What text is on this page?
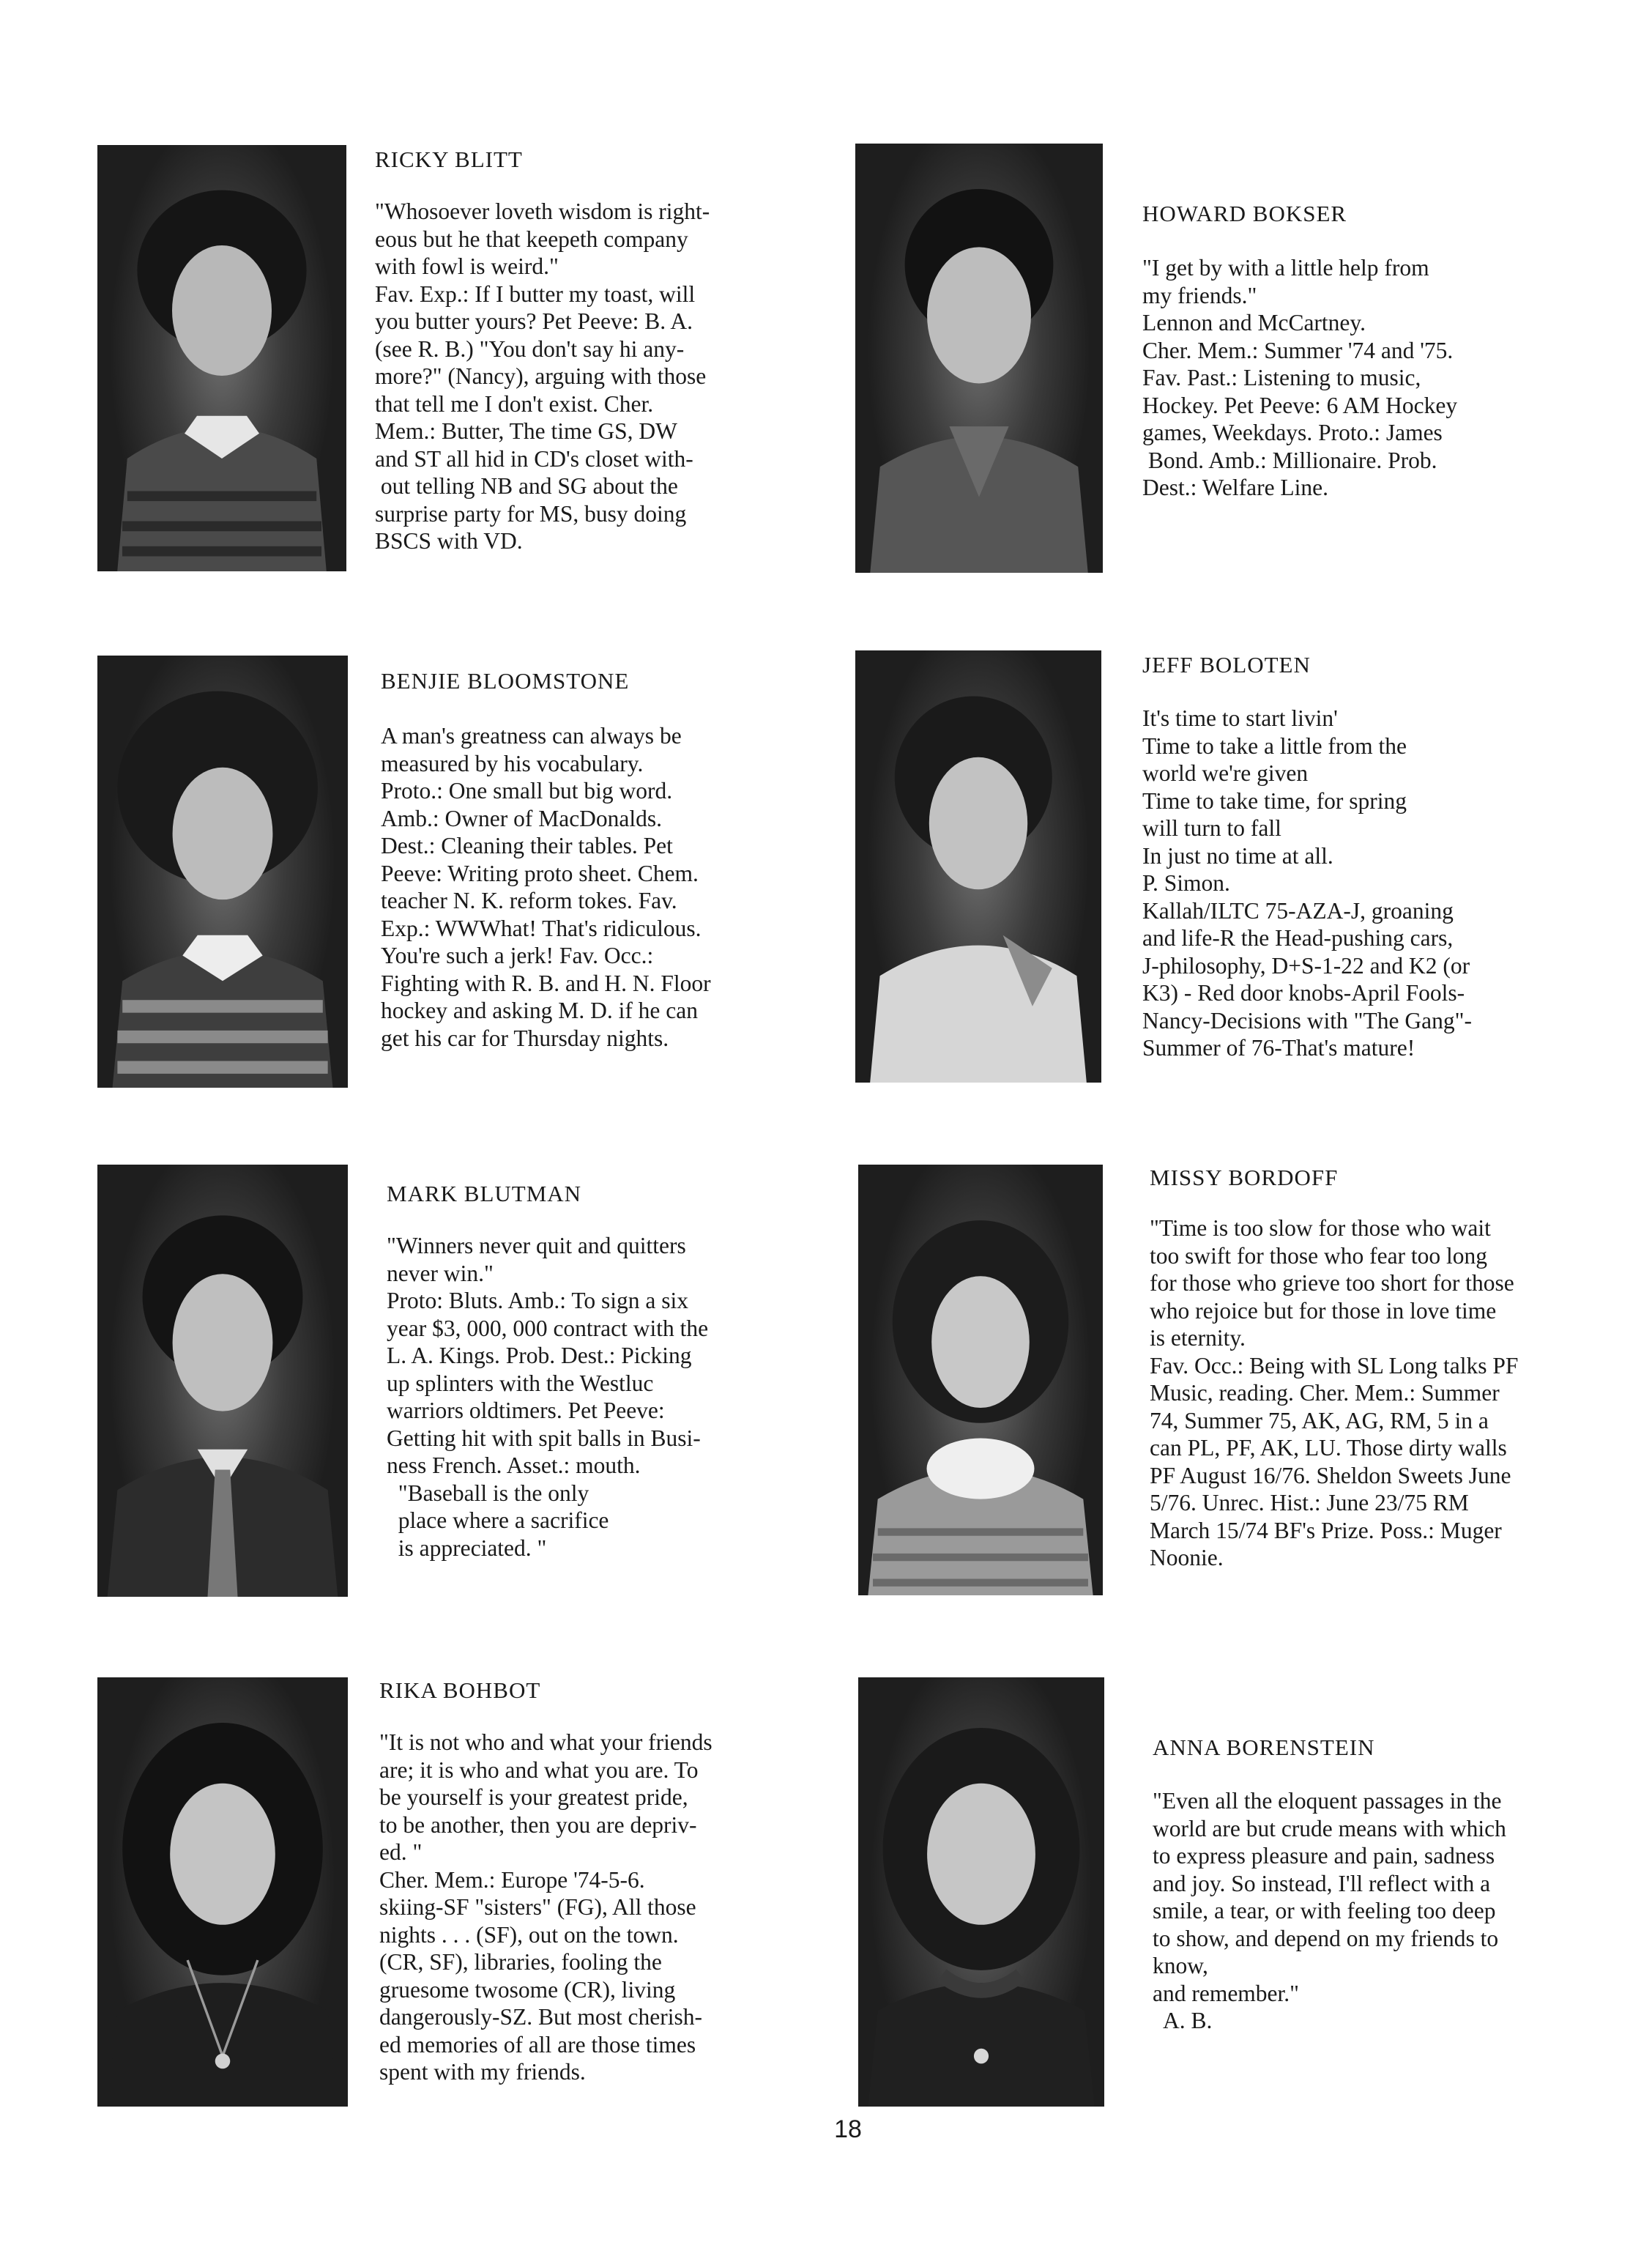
RICKY BLITT

"Whosoever loveth wisdom is right-

eous but he that keepeth company

with fowl is weird."

Fav. Exp.: If I butter my toast, will

you butter yours? Pet Peeve: B. A.

(see R. B.) "You don't say hi any-

more?" (Nancy), arguing with those

that tell me I don't exist. Cher.

Mem.: Butter, The time GS, DW

and ST all hid in CD's closet with-

out telling NB and SG about the

surprise party for MS, busy doing

BSCS with VD.

HOWARD BOKSER

"I get by with a little help from

my friends."

Lennon and McCartney.

Cher. Mem.: Summer '74 and '75.

Fav. Past.: Listening to music,

Hockey. Pet Peeve: 6 AM Hockey

games, Weekdays. Proto.: James

Bond. Amb.: Millionaire. Prob.

Dest.: Welfare Line.

BENJIE BLOOMSTONE

A man's greatness can always be

measured by his vocabulary.

Proto.: One small but big word.

Amb.: Owner of MacDonalds.

Dest.: Cleaning their tables. Pet

Peeve: Writing proto sheet. Chem.

teacher N. K. reform tokes. Fav.

Exp.: WWWhat! That's ridiculous.

You're such a jerk! Fav. Occ.:

Fighting with R. B. and H. N. Floor

hockey and asking M. D. if he can

get his car for Thursday nights.

JEFF BOLOTEN

It's time to start livin'

Time to take a little from the

world we're given

Time to take time, for spring

will turn to fall

In just no time at all.

P. Simon.

Kallah/ILTC 75-AZA-J, groaning

and life-R the Head-pushing cars,

J-philosophy, D+S-1-22 and K2 (or

K3) - Red door knobs-April Fools-

Nancy-Decisions with "The Gang"-

Summer of 76-That's mature!

MARK BLUTMAN

"Winners never quit and quitters

never win."

Proto: Bluts. Amb.: To sign a six

year $3, 000, 000 contract with the

L. A. Kings. Prob. Dest.: Picking

up splinters with the Westluc

warriors oldtimers. Pet Peeve:

Getting hit with spit balls in Busi-

ness French. Asset.: mouth.

"Baseball is the only

place where a sacrifice

is appreciated. "

MISSY BORDOFF

"Time is too slow for those who wait

too swift for those who fear too long

for those who grieve too short for those

who rejoice but for those in love time

is eternity.

Fav. Occ.: Being with SL Long talks PF

Music, reading. Cher. Mem.: Summer

74, Summer 75, AK, AG, RM, 5 in a

can PL, PF, AK, LU. Those dirty walls

PF August 16/76. Sheldon Sweets June

5/76. Unrec. Hist.: June 23/75 RM

March 15/74 BF's Prize. Poss.: Muger

Noonie.

RIKA BOHBOT

"It is not who and what your friends

are; it is who and what you are. To

be yourself is your greatest pride,

to be another, then you are depriv-

ed. "

Cher. Mem.: Europe '74-5-6.

skiing-SF "sisters" (FG), All those

nights . . . (SF), out on the town.

(CR, SF), libraries, fooling the

gruesome twosome (CR), living

dangerously-SZ. But most cherish-

ed memories of all are those times

spent with my friends.

ANNA BORENSTEIN

"Even all the eloquent passages in the

world are but crude means with which

to express pleasure and pain, sadness

and joy. So instead, I'll reflect with a

smile, a tear, or with feeling too deep

to show, and depend on my friends to

know,

and remember."

A. B.

18
